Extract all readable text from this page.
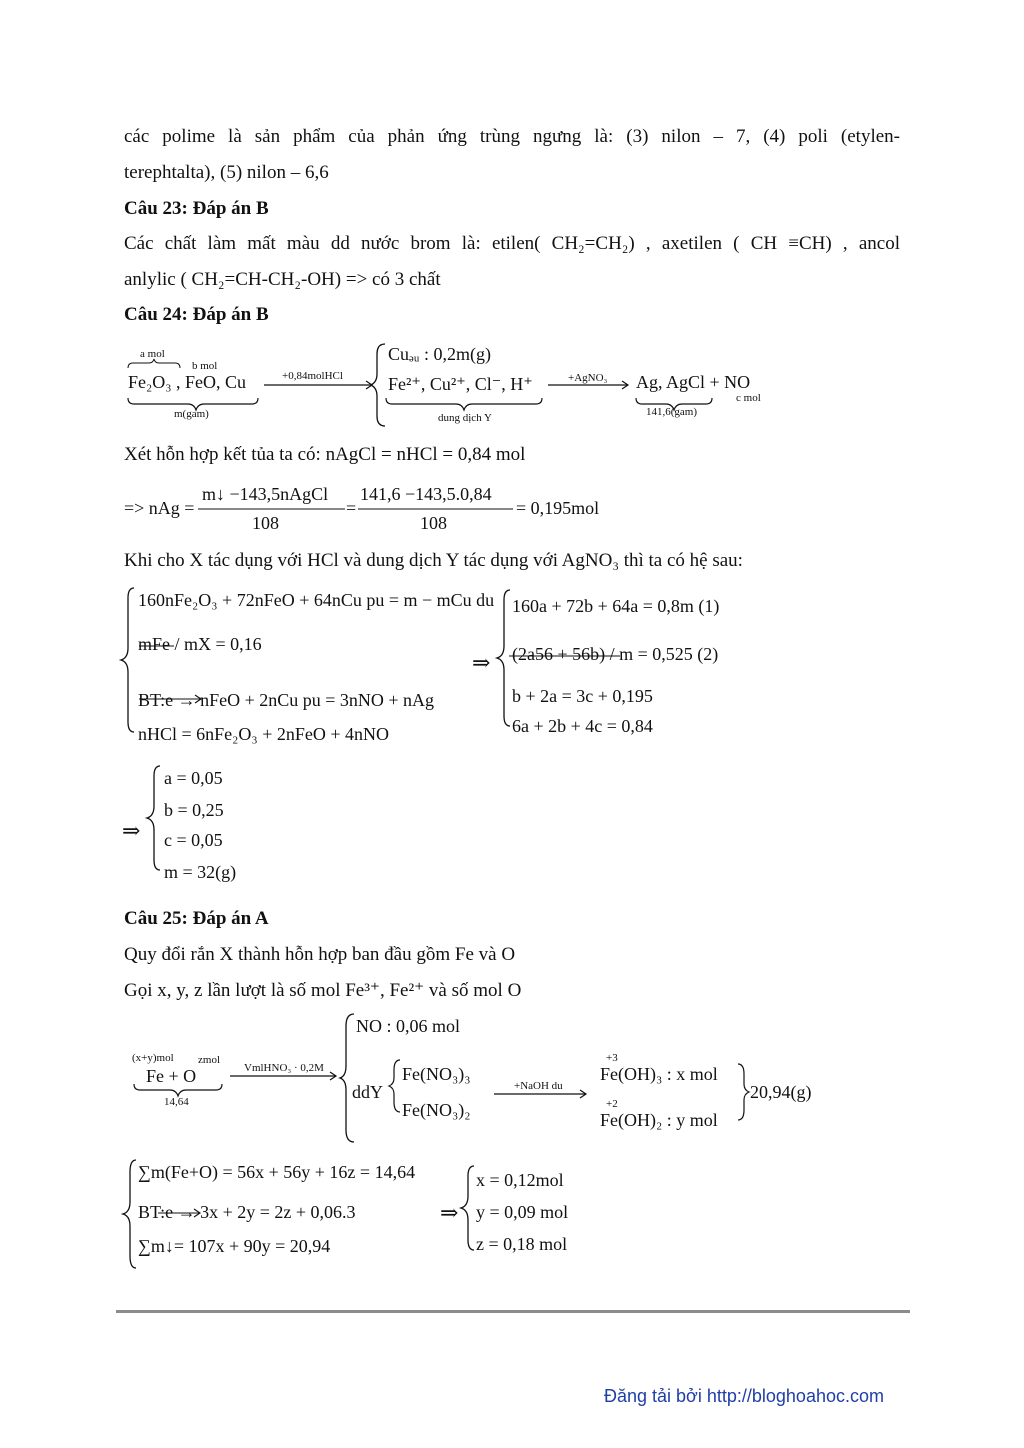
các polime là sản phẩm của phản ứng trùng ngưng là: (3) nilon – 7, (4) poli (etylen-
terephtalta), (5) nilon – 6,6
Câu 23: Đáp án B
Các chất làm mất màu dd nước brom là: etilen( CH₂=CH₂) , axetilen ( CH ≡CH) , ancol
anlylic ( CH₂=CH-CH₂-OH) => có 3 chất
Câu 24: Đáp án B
a mol
b mol
Fe₂O₃ , FeO, Cu
m(gam)
+0,84molHCl
Cuₔᵤ : 0,2m(g)
Fe²⁺, Cu²⁺, Cl⁻, H⁺
dung dịch Y
+AgNO₃ Ag, AgCl + NO
141,6(gam)
c mol
Xét hỗn hợp kết tủa ta có: nAgCl = nHCl = 0,84 mol
=> nAg =
m↓ −143,5nAgCl
108
=
141,6 −143,5.0,84
108
= 0,195mol
Khi cho X tác dụng với HCl và dung dịch Y tác dụng với AgNO₃ thì ta có hệ sau:
160nFe₂O₃ + 72nFeO + 64nCu pu = m − mCu du
mFe / mX = 0,16
BT:e → nFeO + 2nCu pu = 3nNO + nAg
nHCl = 6nFe₂O₃ + 2nFeO + 4nNO
⇒
160a + 72b + 64a = 0,8m (1)
(2a56 + 56b) / m = 0,525 (2)
b + 2a = 3c + 0,195
6a + 2b + 4c = 0,84
⇒
a = 0,05
b = 0,25
c = 0,05
m = 32(g)
Câu 25: Đáp án A
Quy đổi rắn X thành hỗn hợp ban đầu gồm Fe và O
Gọi x, y, z lần lượt là số mol Fe³⁺, Fe²⁺ và số mol O
(x+y)mol zmol
Fe + O
14,64
VmlHNO₃ · 0,2M
NO : 0,06 mol
ddY
Fe(NO₃)₃
Fe(NO₃)₂
+NaOH du
+3
Fe(OH)₃ : x mol
+2
Fe(OH)₂ : y mol
20,94(g)
∑m(Fe+O) = 56x + 56y + 16z = 14,64
BT:e → 3x + 2y = 2z + 0,06.3
∑m↓= 107x + 90y = 20,94
⇒
x = 0,12mol
y = 0,09 mol
z = 0,18 mol
Đăng tải bởi http://bloghoahoc.com
